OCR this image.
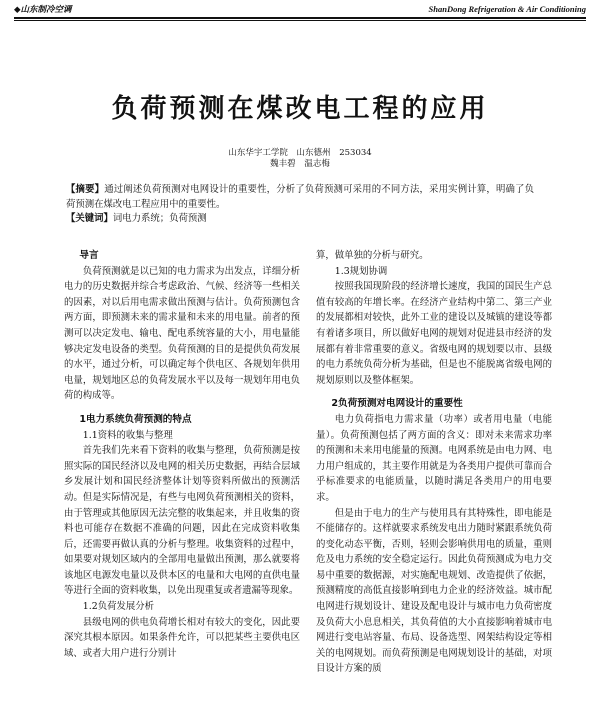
◆山东制冷空调	ShanDong Refrigeration & Air Conditioning
负荷预测在煤改电工程的应用
山东华宇工学院 山东德州 253034
魏丰碧 温志梅
【摘要】通过阐述负荷预测对电网设计的重要性，分析了负荷预测可采用的不同方法，采用实例计算，明确了负荷预测在煤改电工程应用中的重要性。
【关键词】词电力系统；负荷预测
导言

负荷预测就是以已知的电力需求为出发点，详细分析电力的历史数据并综合考虑政治、气候、经济等一些相关的因素，对以后用电需求做出预测与估计。负荷预测包含两方面，即预测未来的需求量和未来的用电量。前者的预测可以决定发电、输电、配电系统容量的大小，用电量能够决定发电设备的类型。负荷预测的目的是提供负荷发展的水平，通过分析，可以确定每个供电区、各规划年供用电量，规划地区总的负荷发展水平以及每一规划年用电负荷的构成等。

1电力系统负荷预测的特点
1.1资料的收集与整理

首先我们先来看下资料的收集与整理，负荷预测是按照实际的国民经济以及电网的相关历史数据，再结合层域乡发展计划和国民经济整体计划等资料所做出的预测活动。但是实际情况是，有些与电网负荷预测相关的资料，由于管理或其他原因无法完整的收集起来，并且收集的资料也可能存在数据不准确的问题，因此在完成资料收集后，还需要再做认真的分析与整理。收集资料的过程中，如果要对规划区域内的全部用电量做出预测，那么就要将该地区电源发电量以及供本区的电量和大电网的直供电量等进行全面的资料收集，以免出现重复或者遗漏等现象。

1.2负荷发展分析

县级电网的供电负荷增长相对有较大的变化，因此要深究其根本原因。如果条件允许，可以把某些主要供电区域、或者大用户进行分别计

算，做单独的分析与研究。

1.3规划协调

按照我国现阶段的经济增长速度，我国的国民生产总值有较高的年增长率。在经济产业结构中第二、第三产业的发展都相对较快，此外工业的建设以及城镇的建设等都有着诸多项目，所以做好电网的规划对促进县市经济的发展都有着非常重要的意义。省级电网的规划要以市、县级的电力系统负荷分析为基础，但是也不能脱离省级电网的规划原则以及整体框架。

2负荷预测对电网设计的重要性

电力负荷指电力需求量（功率）或者用电量（电能量）。负荷预测包括了两方面的含义：即对未来需求功率的预测和未来用电能量的预测。电网系统是由电力网、电力用户组成的，其主要作用就是为各类用户提供可靠而合乎标准要求的电能质量，以随时满足各类用户的用电要求。

但是由于电力的生产与使用具有其特殊性，即电能是不能储存的。这样就要求系统发电出力随时紧跟系统负荷的变化动态平衡，否则，轻则会影响供用电的质量，重则危及电力系统的安全稳定运行。因此负荷预测成为电力交易中重要的数据源，对实施配电规划、改造提供了依据，预测精度的高低直接影响到电力企业的经济效益。城市配电网进行规划设计、建设及配电设计与城市电力负荷密度及负荷大小息息相关，其负荷值的大小直接影响着城市电网进行变电站容量、布局、设备选型、网架结构设定等相关的电网规划。而负荷预测是电网规划设计的基础，对项目设计方案的质
